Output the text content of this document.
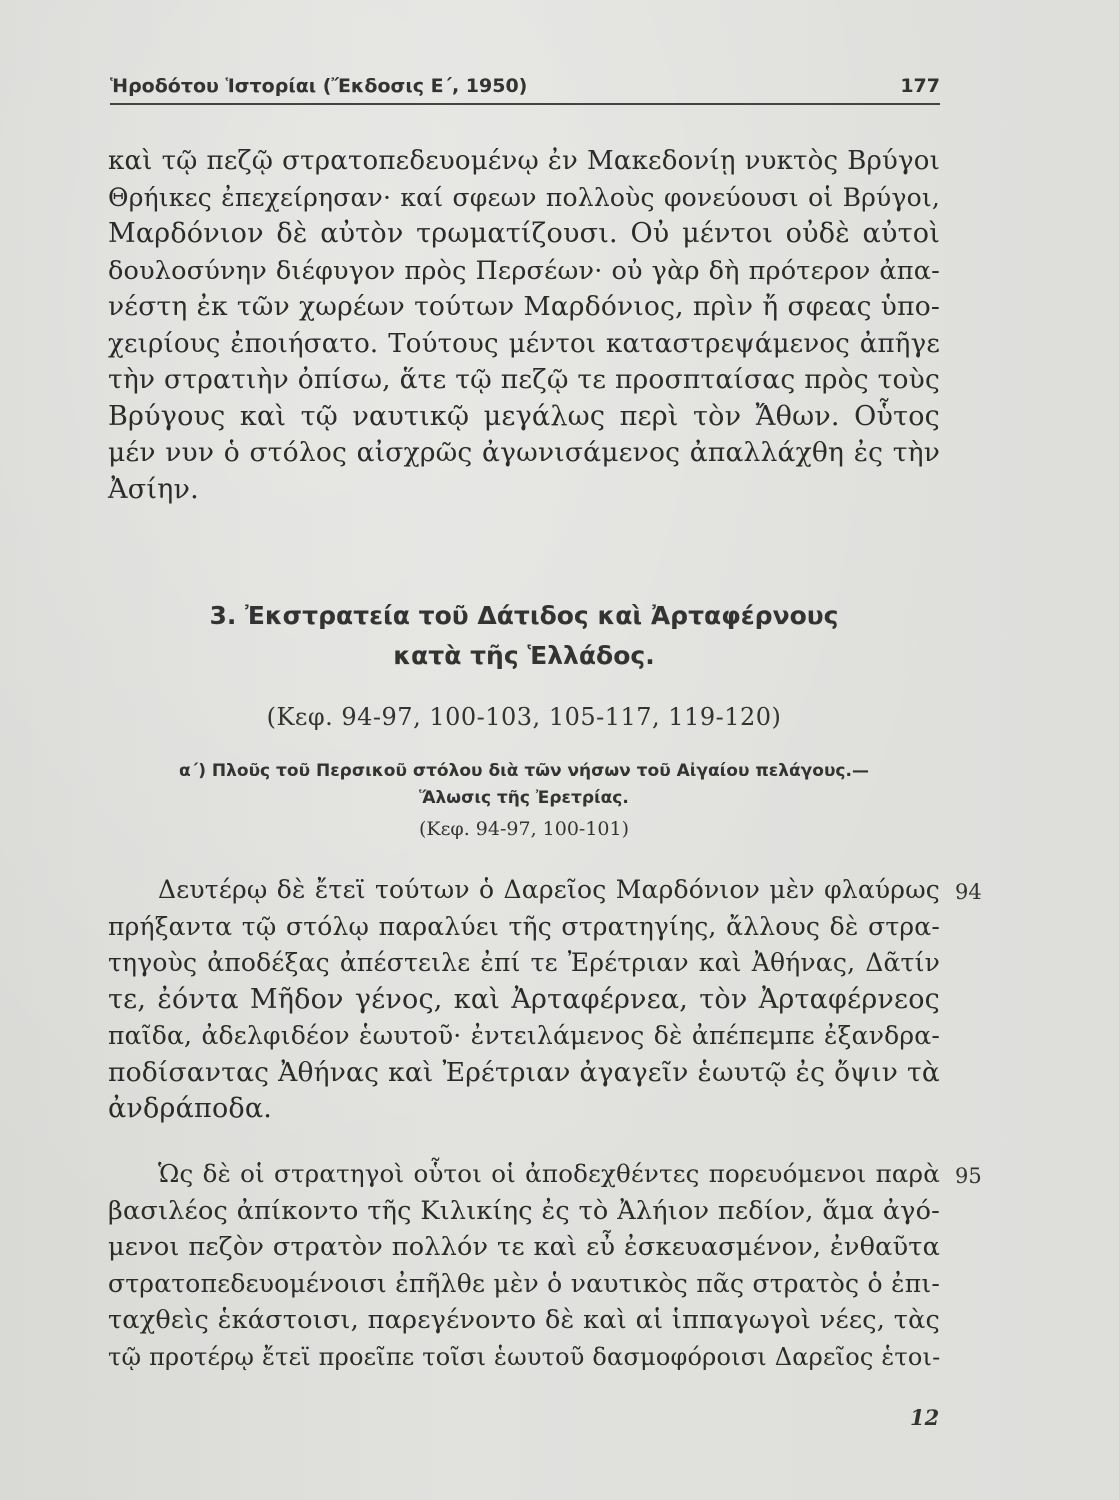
Ἡροδότου Ἱστορίαι (Ἔκδοσις Ε΄, 1950)	177
καὶ τῷ πεζῷ στρατοπεδευομένῳ ἐν Μακεδονίῃ νυκτὸς Βρύγοι
Θρήικες ἐπεχείρησαν· καί σφεων πολλοὺς φονεύουσι οἱ Βρύγοι,
Μαρδόνιον δὲ αὐτὸν τρωματίζουσι. Οὐ μέντοι οὐδὲ αὐτοὶ
δουλοσύνην διέφυγον πρὸς Περσέων· οὐ γὰρ δὴ πρότερον ἀπα-
νέστη ἐκ τῶν χωρέων τούτων Μαρδόνιος, πρὶν ἤ σφεας ὑπο-
χειρίους ἐποιήσατο. Τούτους μέντοι καταστρεψάμενος ἀπῆγε
τὴν στρατιὴν ὀπίσω, ἅτε τῷ πεζῷ τε προσπταίσας πρὸς τοὺς
Βρύγους καὶ τῷ ναυτικῷ μεγάλως περὶ τὸν Ἄθων. Οὗτος
μέν νυν ὁ στόλος αἰσχρῶς ἀγωνισάμενος ἀπαλλάχθη ἐς τὴν
Ἀσίην.
3. Ἐκστρατεία τοῦ Δάτιδος καὶ Ἀρταφέρνους
κατὰ τῆς Ἑλλάδος.
(Κεφ. 94-97, 100-103, 105-117, 119-120)
α΄) Πλοῦς τοῦ Περσικοῦ στόλου διὰ τῶν νήσων τοῦ Αἰγαίου πελάγους.—
Ἅλωσις τῆς Ἐρετρίας.
(Κεφ. 94-97, 100-101)
Δευτέρῳ δὲ ἔτεϊ τούτων ὁ Δαρεῖος Μαρδόνιον μὲν φλαύρως
πρήξαντα τῷ στόλῳ παραλύει τῆς στρατηγίης, ἄλλους δὲ στρα-
τηγοὺς ἀποδέξας ἀπέστειλε ἐπί τε Ἐρέτριαν καὶ Ἀθήνας, Δᾶτίν
τε, ἐόντα Μῆδον γένος, καὶ Ἀρταφέρνεα, τὸν Ἀρταφέρνεος
παῖδα, ἀδελφιδέον ἑωυτοῦ· ἐντειλάμενος δὲ ἀπέπεμπε ἐξανδρα-
ποδίσαντας Ἀθήνας καὶ Ἐρέτριαν ἀγαγεῖν ἑωυτῷ ἐς ὄψιν τὰ
ἀνδράποδα.
94
Ὡς δὲ οἱ στρατηγοὶ οὗτοι οἱ ἀποδεχθέντες πορευόμενοι παρὰ
βασιλέος ἀπίκοντο τῆς Κιλικίης ἐς τὸ Ἀλήιον πεδίον, ἅμα ἀγό-
μενοι πεζὸν στρατὸν πολλόν τε καὶ εὖ ἐσκευασμένον, ἐνθαῦτα
στρατοπεδευομένοισι ἐπῆλθε μὲν ὁ ναυτικὸς πᾶς στρατὸς ὁ ἐπι-
ταχθεὶς ἑκάστοισι, παρεγένοντο δὲ καὶ αἱ ἱππαγωγοὶ νέες, τὰς
τῷ προτέρῳ ἔτεϊ προεῖπε τοῖσι ἑωυτοῦ δασμοφόροισι Δαρεῖος ἑτοι-
95
12
